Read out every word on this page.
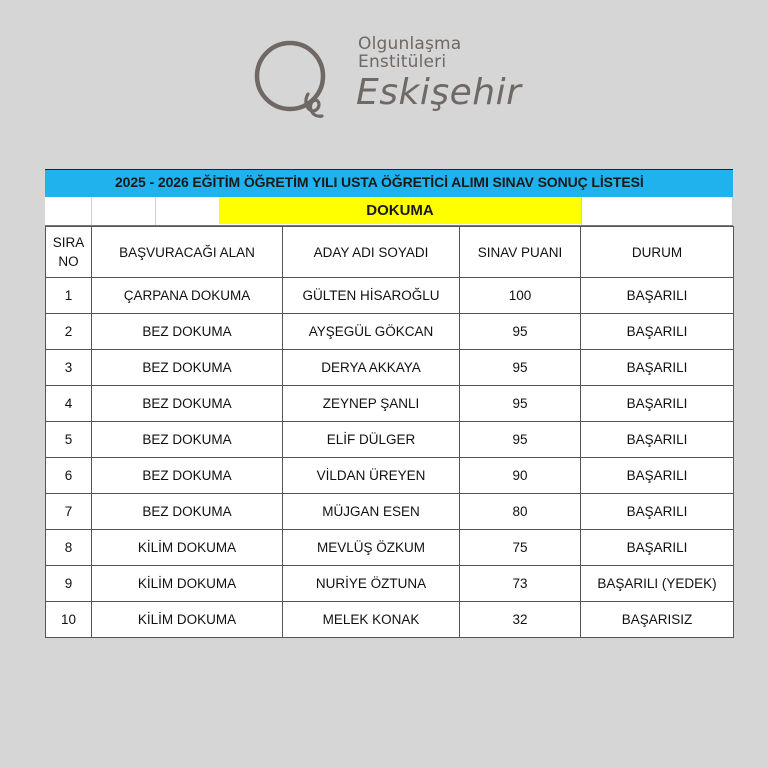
Olgunlaşma
Enstitüleri
Eskişehir
2025 - 2026 EĞİTİM ÖĞRETİM YILI USTA ÖĞRETİCİ ALIMI SINAV SONUÇ LİSTESİ
DOKUMA
SIRA
NO	BAŞVURACAĞI ALAN	ADAY ADI SOYADI	SINAV PUANI	DURUM
1	ÇARPANA DOKUMA	GÜLTEN HİSAROĞLU	100	BAŞARILI
2	BEZ DOKUMA	AYŞEGÜL GÖKCAN	95	BAŞARILI
3	BEZ DOKUMA	DERYA AKKAYA	95	BAŞARILI
4	BEZ DOKUMA	ZEYNEP ŞANLI	95	BAŞARILI
5	BEZ DOKUMA	ELİF DÜLGER	95	BAŞARILI
6	BEZ DOKUMA	VİLDAN ÜREYEN	90	BAŞARILI
7	BEZ DOKUMA	MÜJGAN ESEN	80	BAŞARILI
8	KİLİM DOKUMA	MEVLÜŞ ÖZKUM	75	BAŞARILI
9	KİLİM DOKUMA	NURİYE ÖZTUNA	73	BAŞARILI (YEDEK)
10	KİLİM DOKUMA	MELEK KONAK	32	BAŞARISIZ
